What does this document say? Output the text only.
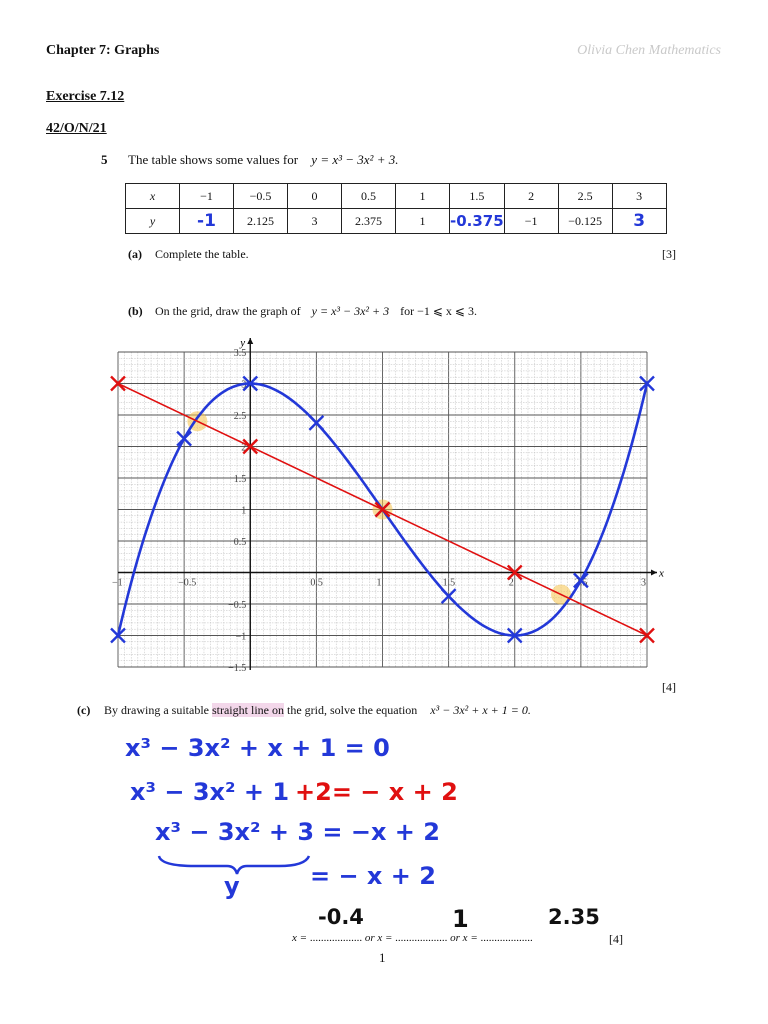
Chapter 7: Graphs	Olivia Chen Mathematics
Exercise 7.12
42/O/N/21
5 The table shows some values for y = x³ − 3x² + 3.
x	−1	−0.5	0	0.5	1	1.5	2	2.5	3
y	-1	2.125	3	2.375	1	-0.375	−1	−0.125	3
(a) Complete the table.	[3]
(b) On the grid, draw the graph of y = x³ − 3x² + 3 for −1 ⩽ x ⩽ 3.
x
y
−1	−0.5	0.5	1	1.5	2	2.5	3
3.5
3
2.5
2
1.5
1
0.5
−0.5
−1
−1.5
[4]
(c) By drawing a suitable straight line on the grid, solve the equation x³ − 3x² + x + 1 = 0.
x³ − 3x² + x + 1 = 0
x³ − 3x² + 1 +2= − x + 2
x³ − 3x² + 3 = −x + 2
y	= − x + 2
x = ................... or x = ................... or x = ...................
-0.4	1	2.35
[4]
1
